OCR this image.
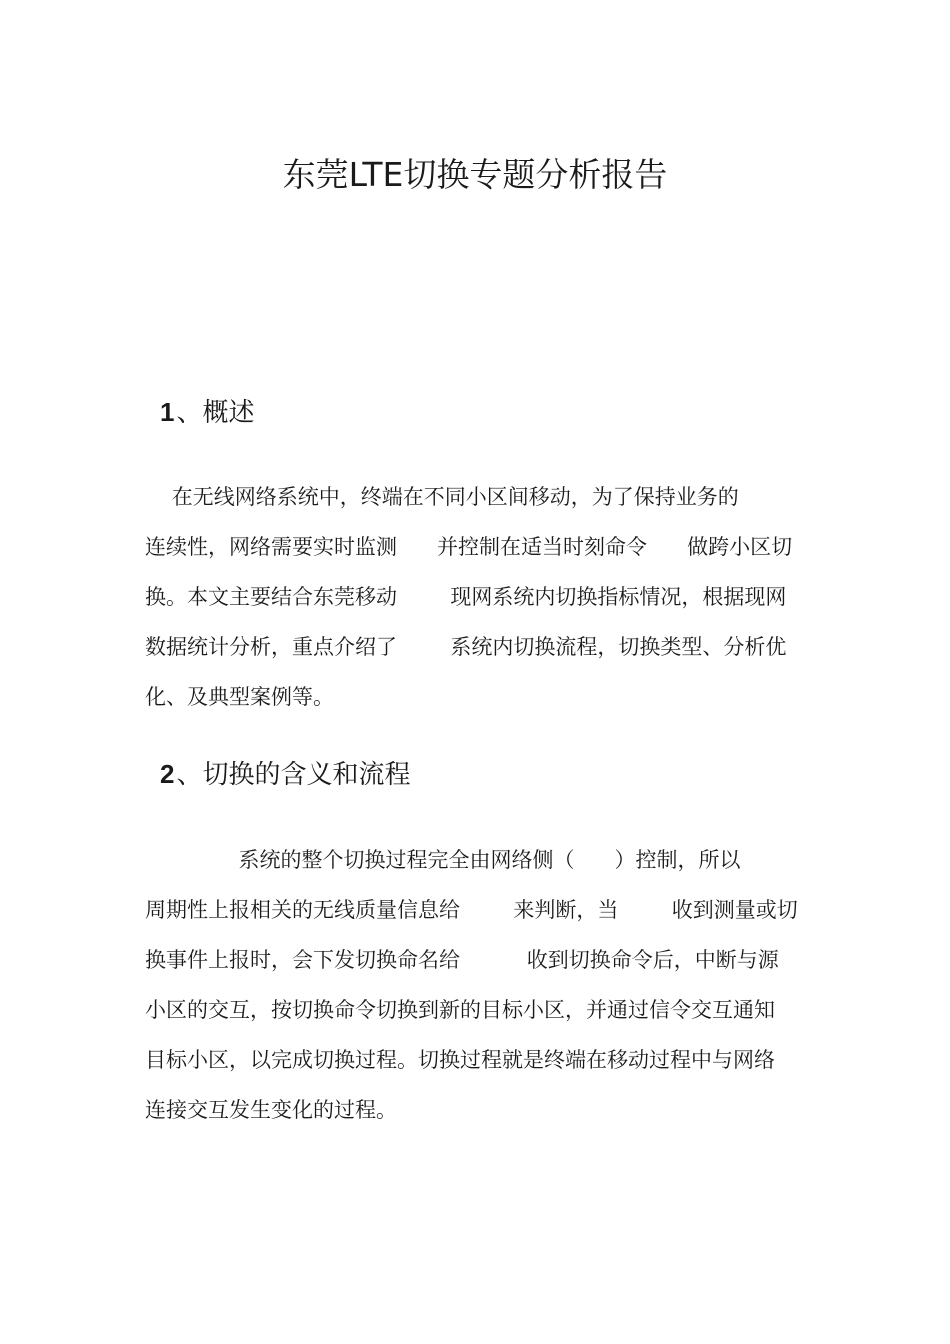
东莞LTE切换专题分析报告
1、概述
在无线网络系统中，终端在不同小区间移动，为了保持业务的
连续性，网络需要实时监测      并控制在适当时刻命令      做跨小区切
换。本文主要结合东莞移动        现网系统内切换指标情况，根据现网
数据统计分析，重点介绍了        系统内切换流程，切换类型、分析优
化、及典型案例等。
2、切换的含义和流程
系统的整个切换过程完全由网络侧（      ）控制，所以
周期性上报相关的无线质量信息给        来判断，当        收到测量或切
换事件上报时，会下发切换命名给          收到切换命令后，中断与源
小区的交互，按切换命令切换到新的目标小区，并通过信令交互通知
目标小区，以完成切换过程。切换过程就是终端在移动过程中与网络
连接交互发生变化的过程。
